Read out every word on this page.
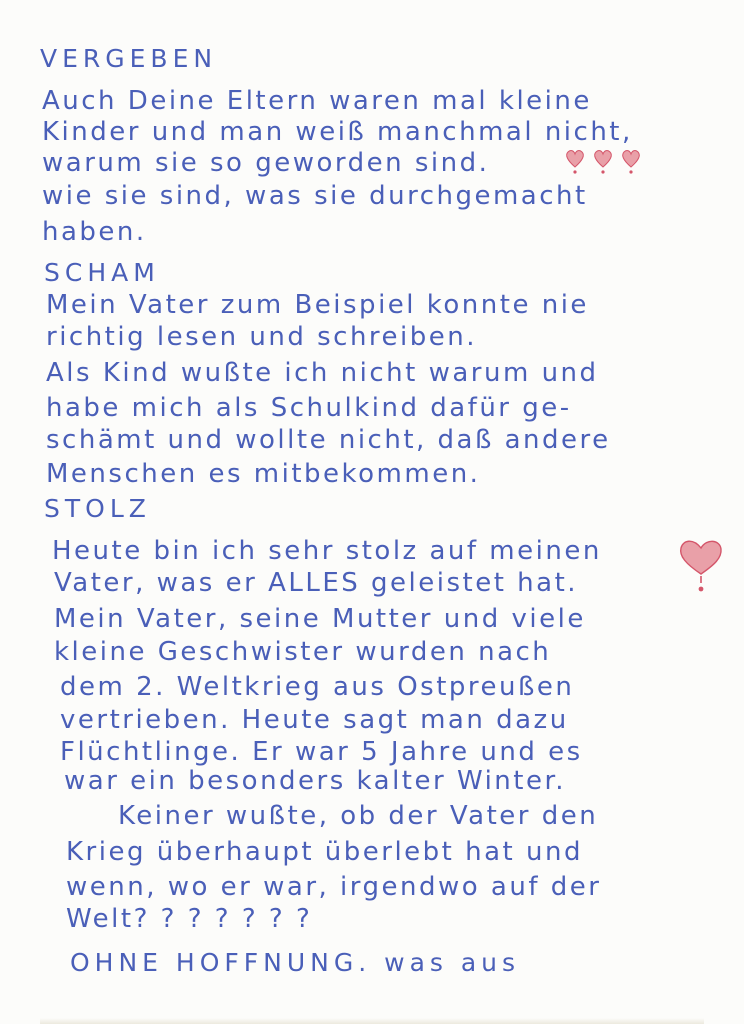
VERGEBEN
Auch Deine Eltern waren mal kleine
Kinder und man weiß manchmal nicht,
warum sie so geworden sind.
wie sie sind, was sie durchgemacht
haben.
SCHAM
Mein Vater zum Beispiel konnte nie
richtig lesen und schreiben.
Als Kind wußte ich nicht warum und
habe mich als Schulkind dafür ge-
schämt und wollte nicht, daß andere
Menschen es mitbekommen.
STOLZ
Heute bin ich sehr stolz auf meinen
Vater, was er ALLES geleistet hat.
Mein Vater, seine Mutter und viele
kleine Geschwister wurden nach
dem 2. Weltkrieg aus Ostpreußen
vertrieben. Heute sagt man dazu
Flüchtlinge. Er war 5 Jahre und es
war ein besonders kalter Winter.
Keiner wußte, ob der Vater den
Krieg überhaupt überlebt hat und
wenn, wo er war, irgendwo auf der
Welt? ? ? ? ? ? ?
OHNE HOFFNUNG. was aus
